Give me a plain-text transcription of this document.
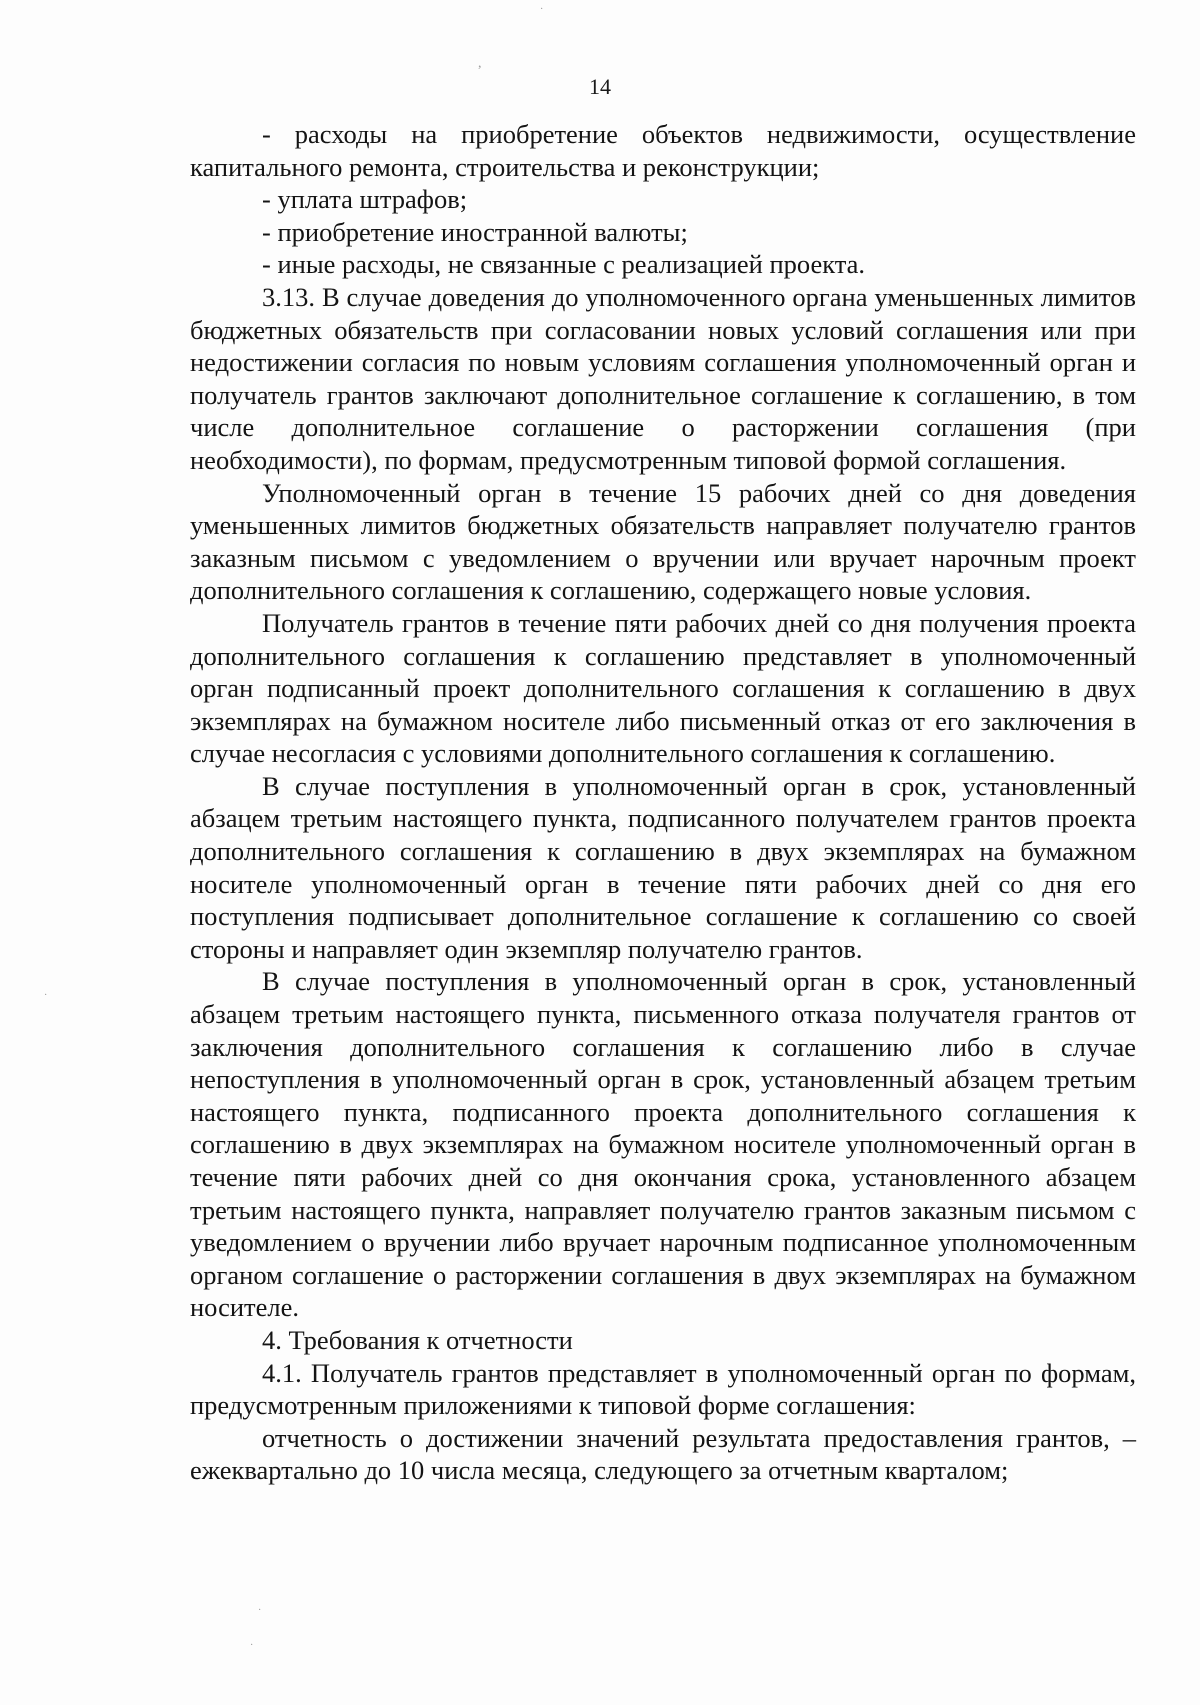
·
,
·
·
·
14

- расходы на приобретение объектов недвижимости, осуществление капитального ремонта, строительства и реконструкции;

- уплата штрафов;

- приобретение иностранной валюты;

- иные расходы, не связанные с реализацией проекта.

3.13. В случае доведения до уполномоченного органа уменьшенных лимитов бюджетных обязательств при согласовании новых условий соглашения или при недостижении согласия по новым условиям соглашения уполномоченный орган и получатель грантов заключают дополнительное соглашение к соглашению, в том числе дополнительное соглашение о расторжении соглашения (при необходимости), по формам, предусмотренным типовой формой соглашения.

Уполномоченный орган в течение 15 рабочих дней со дня доведения уменьшенных лимитов бюджетных обязательств направляет получателю грантов заказным письмом с уведомлением о вручении или вручает нарочным проект дополнительного соглашения к соглашению, содержащего новые условия.

Получатель грантов в течение пяти рабочих дней со дня получения проекта дополнительного соглашения к соглашению представляет в уполномоченный орган подписанный проект дополнительного соглашения к соглашению в двух экземплярах на бумажном носителе либо письменный отказ от его заключения в случае несогласия с условиями дополнительного соглашения к соглашению.

В случае поступления в уполномоченный орган в срок, установленный абзацем третьим настоящего пункта, подписанного получателем грантов проекта дополнительного соглашения к соглашению в двух экземплярах на бумажном носителе уполномоченный орган в течение пяти рабочих дней со дня его поступления подписывает дополнительное соглашение к соглашению со своей стороны и направляет один экземпляр получателю грантов.

В случае поступления в уполномоченный орган в срок, установленный абзацем третьим настоящего пункта, письменного отказа получателя грантов от заключения дополнительного соглашения к соглашению либо в случае непоступления в уполномоченный орган в срок, установленный абзацем третьим настоящего пункта, подписанного проекта дополнительного соглашения к соглашению в двух экземплярах на бумажном носителе уполномоченный орган в течение пяти рабочих дней со дня окончания срока, установленного абзацем третьим настоящего пункта, направляет получателю грантов заказным письмом с уведомлением о вручении либо вручает нарочным подписанное уполномоченным органом соглашение о расторжении соглашения в двух экземплярах на бумажном носителе.

4. Требования к отчетности

4.1. Получатель грантов представляет в уполномоченный орган по формам, предусмотренным приложениями к типовой форме соглашения:

отчетность о достижении значений результата предоставления грантов, – ежеквартально до 10 числа месяца, следующего за отчетным кварталом;
